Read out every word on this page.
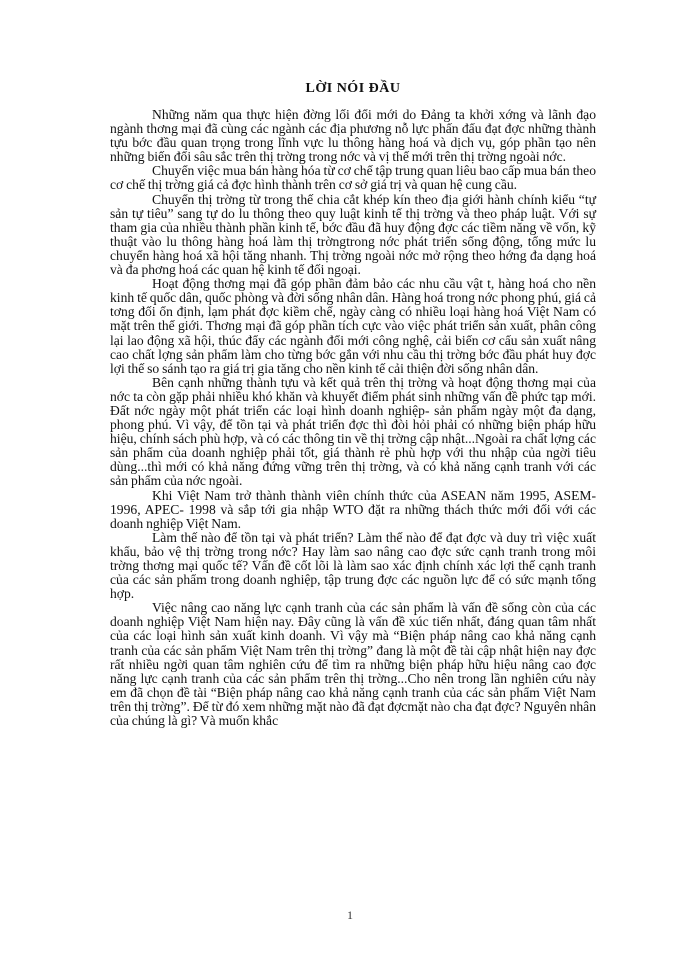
LỜI NÓI ĐẦU

Những năm qua thực hiện đờng lối đổi mới do Đảng ta khởi xớng và lãnh đạo ngành thơng mại đã cùng các ngành các địa phương nỗ lực phấn đấu đạt đợc những thành tựu bớc đầu quan trọng trong lĩnh vực lu thông hàng hoá và dịch vụ, góp phần tạo nên những biến đổi sâu sắc trên thị trờng trong nớc và vị thế mới trên thị trờng ngoài nớc.

Chuyển việc mua bán hàng hóa từ cơ chế tập trung quan liêu bao cấp mua bán theo cơ chế thị trờng giá cả đợc hình thành trên cơ sở giá trị và quan hệ cung cầu.

Chuyển thị trờng từ trong thế chia cắt khép kín theo địa giới hành chính kiểu “tự sản tự tiêu” sang tự do lu thông theo quy luật kinh tế thị trờng và theo pháp luật. Với sự tham gia của nhiều thành phần kinh tế, bớc đầu đã huy động đợc các tiềm năng về vốn, kỹ thuật vào lu thông hàng hoá làm thị trờngtrong nớc phát triển sống động, tổng mức lu chuyển hàng hoá xã hội tăng nhanh. Thị trờng ngoài nớc mở rộng theo hớng đa dạng hoá và đa phơng hoá các quan hệ kinh tế đối ngoại.

Hoạt động thơng mại đã góp phần đảm bảo các nhu cầu vật t, hàng hoá cho nền kinh tế quốc dân, quốc phòng và đời sống nhân dân. Hàng hoá trong nớc phong phú, giá cả tơng đối ổn định, lạm phát đợc kiềm chế, ngày càng có nhiều loại hàng hoá Việt Nam có mặt trên thế giới. Thơng mại đã góp phần tích cực vào việc phát triển sản xuất, phân công lại lao động xã hội, thúc đẩy các ngành đổi mới công nghệ, cải biến cơ cấu sản xuất nâng cao chất lợng sản phẩm làm cho từng bớc gắn với nhu cầu thị trờng bớc đầu phát huy đợc lợi thế so sánh tạo ra giá trị gia tăng cho nền kinh tế cải thiện đời sống nhân dân.

Bên cạnh những thành tựu và kết quả trên thị trờng và hoạt động thơng mại của nớc ta còn gặp phải nhiều khó khăn và khuyết điểm phát sinh những vấn đề phức tạp mới. Đất nớc ngày một phát triển các loại hình doanh nghiệp- sản phẩm ngày một đa dạng, phong phú. Vì vậy, để tồn tại và phát triển đợc thì đòi hỏi phải có những biện pháp hữu hiệu, chính sách phù hợp, và có các thông tin về thị trờng cập nhật...Ngoài ra chất lợng các sản phẩm của doanh nghiệp phải tốt, giá thành rẻ phù hợp với thu nhập của ngời tiêu dùng...thì mới có khả năng đứng vững trên thị trờng, và có khả năng cạnh tranh với các sản phẩm của nớc ngoài.

Khi Việt Nam trở thành thành viên chính thức của ASEAN năm 1995, ASEM- 1996, APEC- 1998 và sắp tới gia nhập WTO đặt ra những thách thức mới đối với các doanh nghiệp Việt Nam.

Làm thế nào để tồn tại và phát triển? Làm thế nào để đạt đợc và duy trì việc xuất khẩu, bảo vệ thị trờng trong nớc? Hay làm sao nâng cao đợc sức cạnh tranh trong môi trờng thơng mại quốc tế? Vấn đề cốt lõi là làm sao xác định chính xác lợi thế cạnh tranh của các sản phẩm trong doanh nghiệp, tập trung đợc các nguồn lực để có sức mạnh tổng hợp.

Việc nâng cao năng lực cạnh tranh của các sản phẩm là vấn đề sống còn của các doanh nghiệp Việt Nam hiện nay. Đây cũng là vấn đề xúc tiến nhất, đáng quan tâm nhất của các loại hình sản xuất kinh doanh. Vì vậy mà “Biện pháp nâng cao khả năng cạnh tranh của các sản phẩm Việt Nam trên thị trờng” đang là một đề tài cập nhật hiện nay đợc rất nhiều ngời quan tâm nghiên cứu để tìm ra những biện pháp hữu hiệu nâng cao đợc năng lực cạnh tranh của các sản phẩm trên thị trờng...Cho nên trong lần nghiên cứu này em đã chọn đề tài “Biện pháp nâng cao khả năng cạnh tranh của các sản phẩm Việt Nam trên thị trờng”. Để từ đó xem những mặt nào đã đạt đợcmặt nào cha đạt đợc? Nguyên nhân của chúng là gì? Và muốn khắc

1
